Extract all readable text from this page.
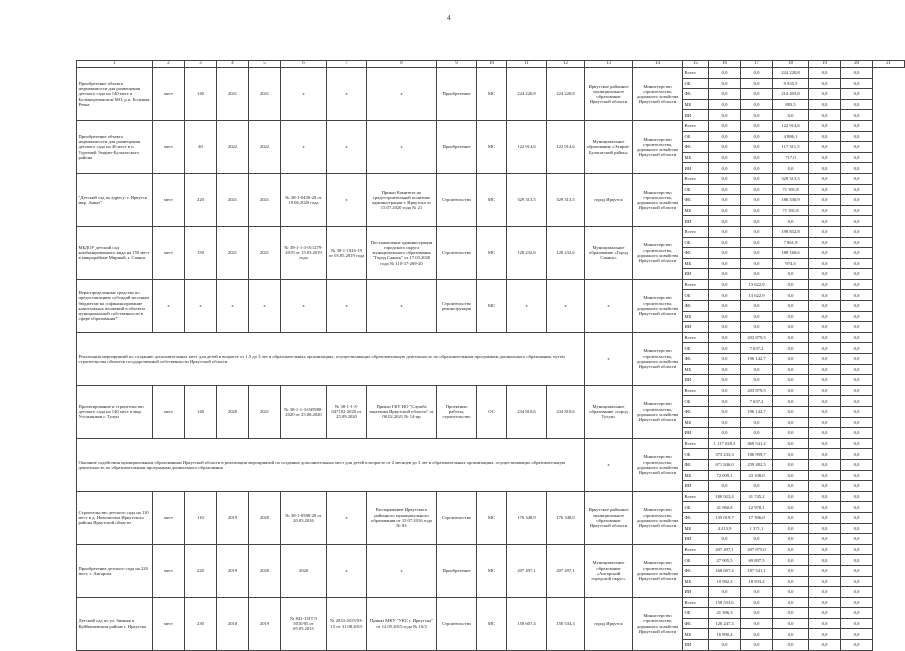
4
1	2	3	4	5	6	7	8	9	10	11	12	13	14	15	16	17	18	19	20	21
Приобретение объекта недвижимости для размещения детского сада на 140 мест в Большереченском МО, р.п. Большая Речка	мест	140	2021	2021	x	x	x	Приобретение	МС	224 220,8	224 220,8	Иркутское районное муниципальное образование Иркутской области	Министерство строительства, дорожного хозяйства Иркутской области	Всего	0,0	0,0	224 220,8	0,0	0,0	
														ОБ	0,0	0,0	9 935,5	0,0	0,0	
														ФБ	0,0	0,0	214 403,8	0,0	0,0	
														МБ	0,0	0,0	883,5	0,0	0,0	
														ИИ	0,0	0,0	0,0	0,0	0,0	
Приобретение объекта недвижимости для размещения детского сада на 40 мест в п. Тургеней Эхирит-Булагатского района	мест	40	2022	2022	x	x	x	Приобретение	МС	122 914,6	122 914,6	Муниципальное образование «Эхирит-Булагатский район»	Министерство строительства, дорожного хозяйства Иркутской области	Всего	0,0	0,0	122 914,6	0,0	0,0	
														ОБ	0,0	0,0	4 886,1	0,0	0,0	
														ФБ	0,0	0,0	117 311,5	0,0	0,0	
														МБ	0,0	0,0	717,0	0,0	0,0	
														ИИ	0,0	0,0	0,0	0,0	0,0	
"Детский сад по адресу: г. Иркутск мкр. Анкат"	мест	220	2021	2021	№ 38-1-0430-20 от 19.06.2020 года	x	Приказ Комитета по градостроительной политике администрации г. Иркутска от 15.07.2020 года № 21	Строительство	МС	329 313,5	329 313,5	город Иркутск	Министерство строительства, дорожного хозяйства Иркутской области	Всего	0,0	0,0	329 313,5	0,0	0,0	
														ОБ	0,0	0,0	71 391,8	0,0	0,0	
														ФБ	0,0	0,0	186 530,9	0,0	0,0	
														МБ	0,0	0,0	71 391,8	0,0	0,0	
														ИИ	0,0	0,0	0,0	0,0	0,0	
МБДОУ детский сад комбинированного вида на 150 мест в микрорайоне Мирный, г. Саянск	мест	150	2021	2021	№ 38-1-1-3-011279-2019 от 15.03.2019 года	№ 38-1-1026-19 от 03.05.2019 года	Постановление администрации городского округа муниципального образования "Город Саянск" от 17.03.2020 года № 110-37-269-20	Строительство	МС	128 232,6	128 232,6	Муниципальное образование «Город Саянск»	Министерство строительства, дорожного хозяйства Иркутской области	Всего	0,0	0,0	198 832,8	0,0	0,0	
														ОБ	0,0	0,0	7 861,9	0,0	0,0	
														ФБ	0,0	0,0	188 160,6	0,0	0,0	
														МБ	0,0	0,0	974,3	0,0	0,0	
														ИИ	0,0	0,0	0,0	0,0	0,0	
Нераспределенные средства по предоставлению субсидий местным бюджетам на софинансирование капитальных вложений в объекты муниципальной собственности в сфере образования*	x	x	x	x	x	x	x	Строительство реконструкция	МС	x	x	x	Министерство строительства, дорожного хозяйства Иркутской области	Всего	0,0	13 622,9	0,0	0,0	0,0	
														ОБ	0,0	13 622,9	0,0	0,0	0,0	
														ФБ	0,0	0,0	0,0	0,0	0,0	
														МБ	0,0	0,0	0,0	0,0	0,0	
														ИИ	0,0	0,0	0,0	0,0	0,0	
Реализация мероприятий по созданию дополнительных мест для детей в возрасте от 1,5 до 3 лет в образовательных организациях, осуществляющих образовательную деятельность по образовательным программам дошкольного образования, путем строительства объектов государственной собственности Иркутской области												x	Министерство строительства, дорожного хозяйства Иркутской области	Всего	0,0	203 879,5	0,0	0,0	0,0	
														ОБ	0,0	7 637,2	0,0	0,0	0,0	
														ФБ	0,0	196 142,7	0,0	0,0	0,0	
														МБ	0,0	0,0	0,0	0,0	0,0	
														ИИ	0,0	0,0	0,0	0,0	0,0	
Проектирование и строительство детского сада на 140 мест в мкр. Угольщиков г. Тулун	мест	140	2020	2021	№ 38-1-1-3-045980-2020 от 25.08.2020	№ 38-1-1-3-047102-2020 от 25.09.2020	Приказ ГКУ ИО "Служба заказчика Иркутской области" от 08.02.2021 № 14-пр	Проектные работы, строительство	ОС	234 810,6	234 810,6	Муниципальное образование «город Тулун»	Министерство строительства, дорожного хозяйства Иркутской области	Всего	0,0	203 879,5	0,0	0,0	0,0	
														ОБ	0,0	7 637,2	0,0	0,0	0,0	
														ФБ	0,0	196 142,7	0,0	0,0	0,0	
														МБ	0,0	0,0	0,0	0,0	0,0	
														ИИ	0,0	0,0	0,0	0,0	0,0	
Оказание содействия муниципальным образованиям Иркутской области в реализации мероприятий по созданию дополнительных мест для детей в возрасте от 2 месяцев до 3 лет в образовательных организациях, осуществляющих образовательную деятельность по образовательным программам дошкольного образования												x	Министерство строительства, дорожного хозяйства Иркутской области	Всего	1 117 028,3	469 541,2	0,0	0,0	0,0	
														ОБ	373 233,3	186 999,7	0,0	0,0	0,0	
														ФБ	671 846,0	259 482,5	0,0	0,0	0,0	
														МБ	72 009,1	23 108,0	0,0	0,0	0,0	
														ИИ	0,0	0,0	0,0	0,0	0,0	
Строительство детского сада на 110 мест в д. Новолисиха Иркутского района Иркутской области	мест	110	2019	2020	№ 38-1-0588-20 от 20.05.2016	x	Распоряжение Иркутского районного муниципального образования от 15.07.2016 года № 83	Строительство	МС	176 348,9	176 348,9	Иркутское районное муниципальное образование Иркутской области	Министерство строительства, дорожного хозяйства Иркутской области	Всего	180 923,4	31 745,2	0,0	0,0	0,0	
														ОБ	41 960,8	12 978,1	0,0	0,0	0,0	
														ФБ	135 019,7	17 396,0	0,0	0,0	0,0	
														МБ	4 213,9	1 371,1	0,0	0,0	0,0	
														ИИ	0,0	0,0	0,0	0,0	0,0	
Приобретение детского сада на 220 мест, г. Ангарска	мест	220	2019	2020	2020	x	x	Приобретение	МС	207 497,1	207 497,1	Муниципальное образование «Ангарский городской округ»	Министерство строительства, дорожного хозяйства Иркутской области	Всего	207 497,1	207 875,0	0,0	0,0	0,0	
														ОБ	27 905,5	69 897,5	0,0	0,0	0,0	
														ФБ	168 607,4	187 541,1	0,0	0,0	0,0	
														МБ	10 982,2	18 933,2	0,0	0,0	0,0	
														ИИ	0,0	0,0	0,0	0,0	0,0	
Детский сад по ул. Зимняя в Куйбышевском районе г. Иркутска	мест	230	2018	2019	№ 841-15ГГЭ 5010/05 от 05.05.2015	№ 2033-2015/03-15 от 31.08.2015	Приказ МКУ "УКС г. Иркутска" от 12.05.2015 года № 10/3	Строительство	МС	158 607,4	158 534,3	город Иркутск	Министерство строительства, дорожного хозяйства Иркутской области	Всего	158 533,6	0,0	0,0	0,0	0,0	
														ОБ	21 396,3	0,0	0,0	0,0	0,0	
														ФБ	120 247,3	0,0	0,0	0,0	0,0	
														МБ	16 890,4	0,0	0,0	0,0	0,0	
														ИИ	0,0	0,0	0,0	0,0	0,0	
